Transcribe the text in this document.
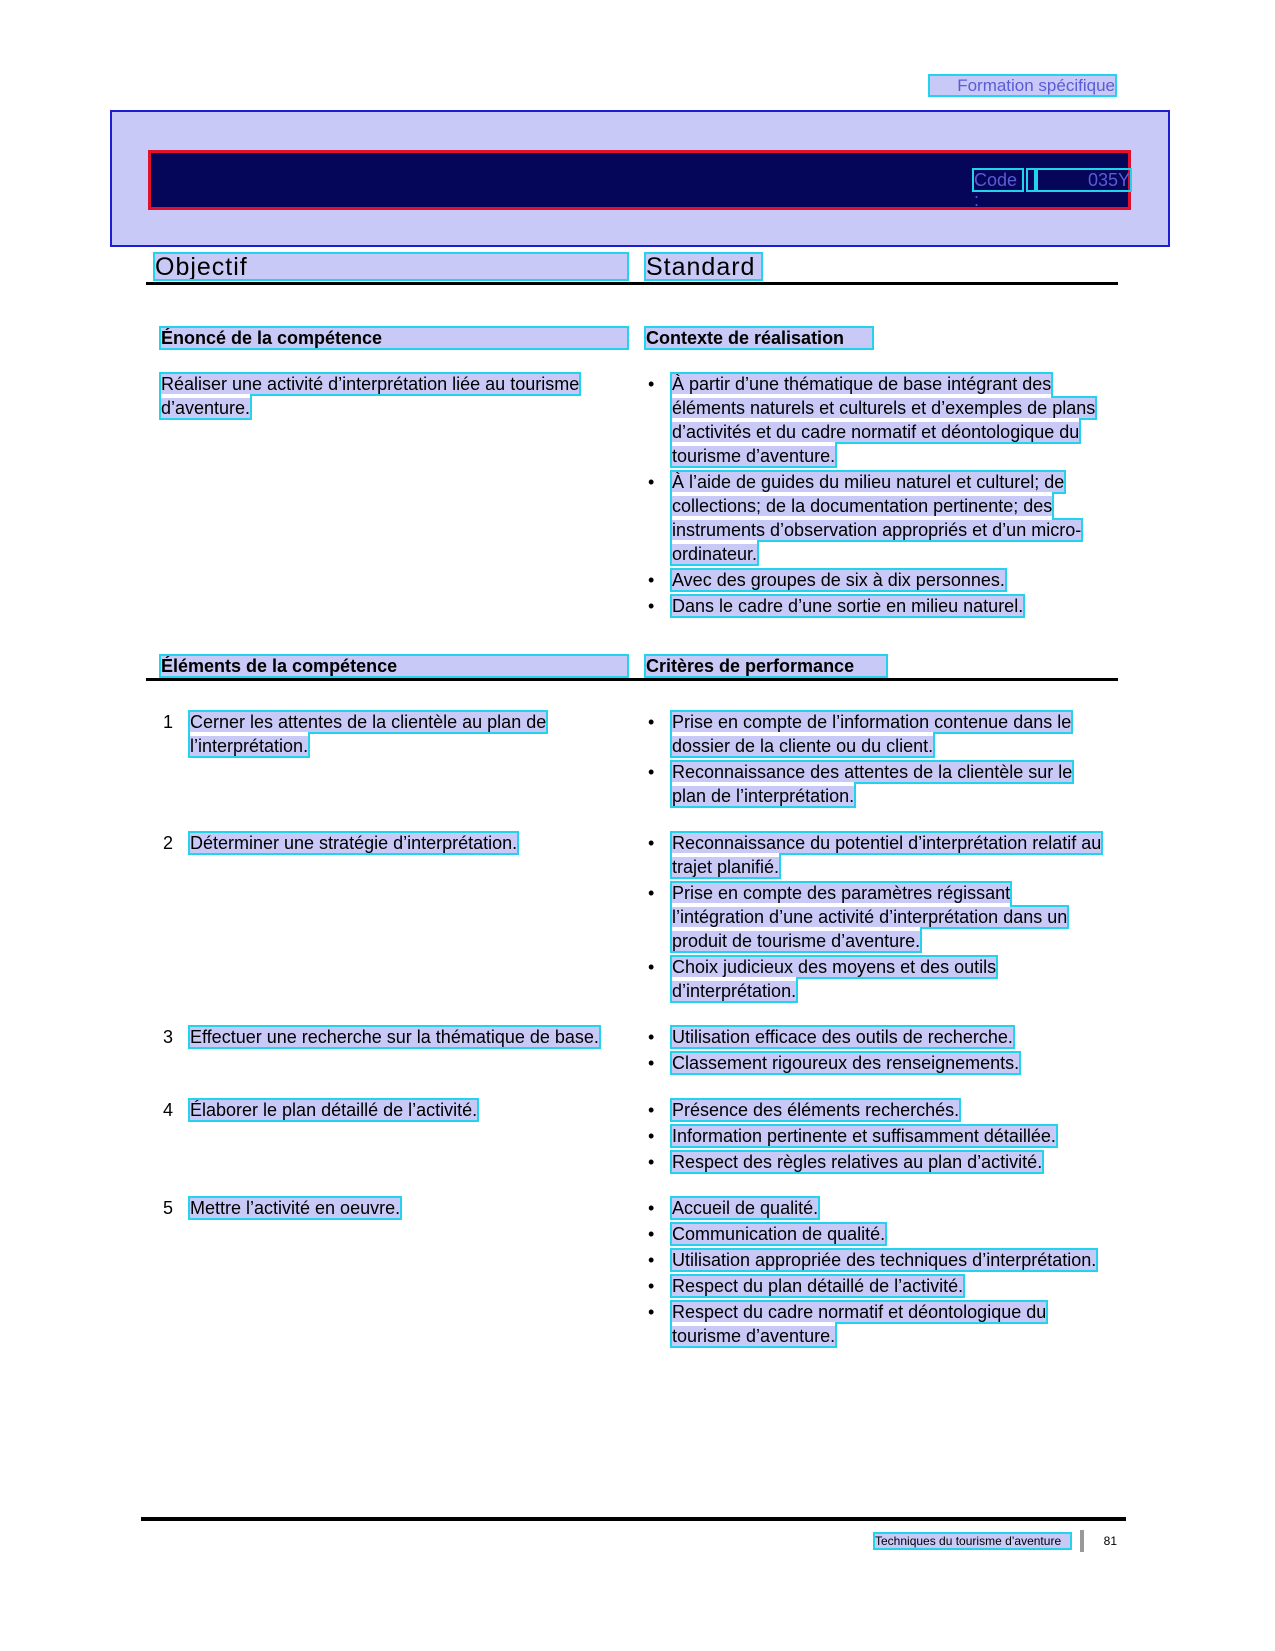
Formation spécifique
Code :
035Y
Objectif	Standard
Énoncé de la compétence	Contexte de réalisation
Réaliser une activité d’interprétation liée au tourisme d’aventure.
• À partir d’une thématique de base intégrant des éléments naturels et culturels et d’exemples de plans d’activités et du cadre normatif et déontologique du tourisme d’aventure.
• À l’aide de guides du milieu naturel et culturel; de collections; de la documentation pertinente; des instruments d’observation appropriés et d’un micro-ordinateur.
• Avec des groupes de six à dix personnes.
• Dans le cadre d’une sortie en milieu naturel.
Éléments de la compétence	Critères de performance
1 Cerner les attentes de la clientèle au plan de l’interprétation.
• Prise en compte de l’information contenue dans le dossier de la cliente ou du client.
• Reconnaissance des attentes de la clientèle sur le plan de l’interprétation.
2 Déterminer une stratégie d’interprétation.	• Reconnaissance du potentiel d’interprétation relatif au trajet planifié.
• Prise en compte des paramètres régissant l’intégration d’une activité d’interprétation dans un produit de tourisme d’aventure.
• Choix judicieux des moyens et des outils d’interprétation.
3 Effectuer une recherche sur la thématique de base.	• Utilisation efficace des outils de recherche.
• Classement rigoureux des renseignements.
4 Élaborer le plan détaillé de l’activité.	• Présence des éléments recherchés.
• Information pertinente et suffisamment détaillée.
• Respect des règles relatives au plan d’activité.
5 Mettre l’activité en oeuvre.	• Accueil de qualité.
• Communication de qualité.
• Utilisation appropriée des techniques d’interprétation.
• Respect du plan détaillé de l’activité.
• Respect du cadre normatif et déontologique du tourisme d’aventure.
Techniques du tourisme d’aventure	81
